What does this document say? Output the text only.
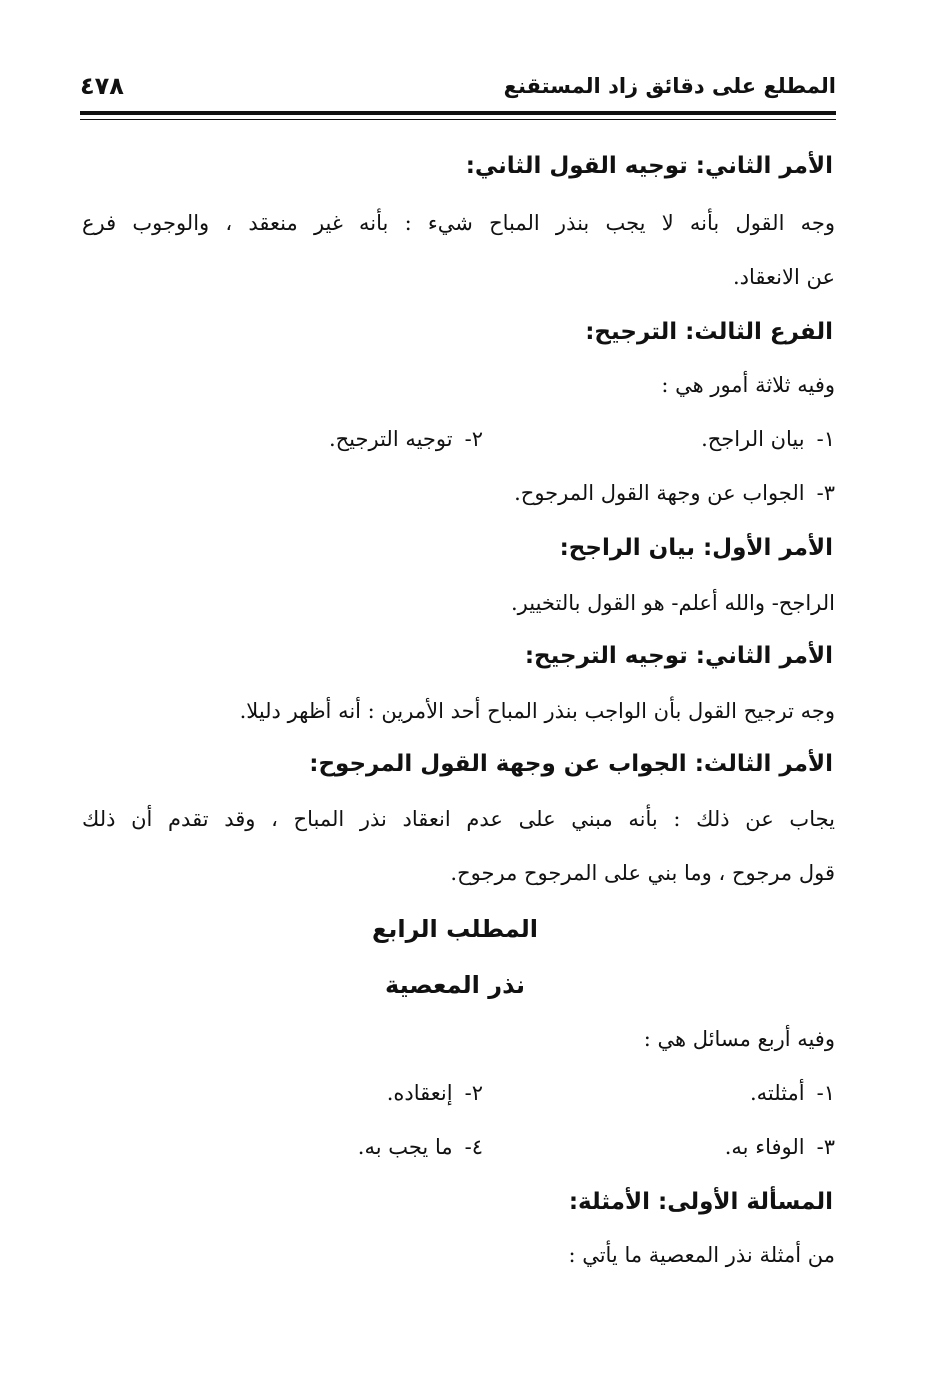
المطلع على دقائق زاد المستقنع
٤٧٨
الأمر الثاني: توجيه القول الثاني:
وجه القول بأنه لا يجب بنذر المباح شيء : بأنه غير منعقد ، والوجوب فرع
عن الانعقاد.
الفرع الثالث: الترجيح:
وفيه ثلاثة أمور هي :
١-بيان الراجح.
٢-توجيه الترجيح.
٣-الجواب عن وجهة القول المرجوح.
الأمر الأول: بيان الراجح:
الراجح- والله أعلم- هو القول بالتخيير.
الأمر الثاني: توجيه الترجيح:
وجه ترجيح القول بأن الواجب بنذر المباح أحد الأمرين : أنه أظهر دليلا.
الأمر الثالث: الجواب عن وجهة القول المرجوح:
يجاب عن ذلك : بأنه مبني على عدم انعقاد نذر المباح ، وقد تقدم أن ذلك
قول مرجوح ، وما بني على المرجوح مرجوح.
المطلب الرابع
نذر المعصية
وفيه أربع مسائل هي :
١-أمثلته.
٢-إنعقاده.
٣-الوفاء به.
٤-ما يجب به.
المسألة الأولى: الأمثلة:
من أمثلة نذر المعصية ما يأتي :
